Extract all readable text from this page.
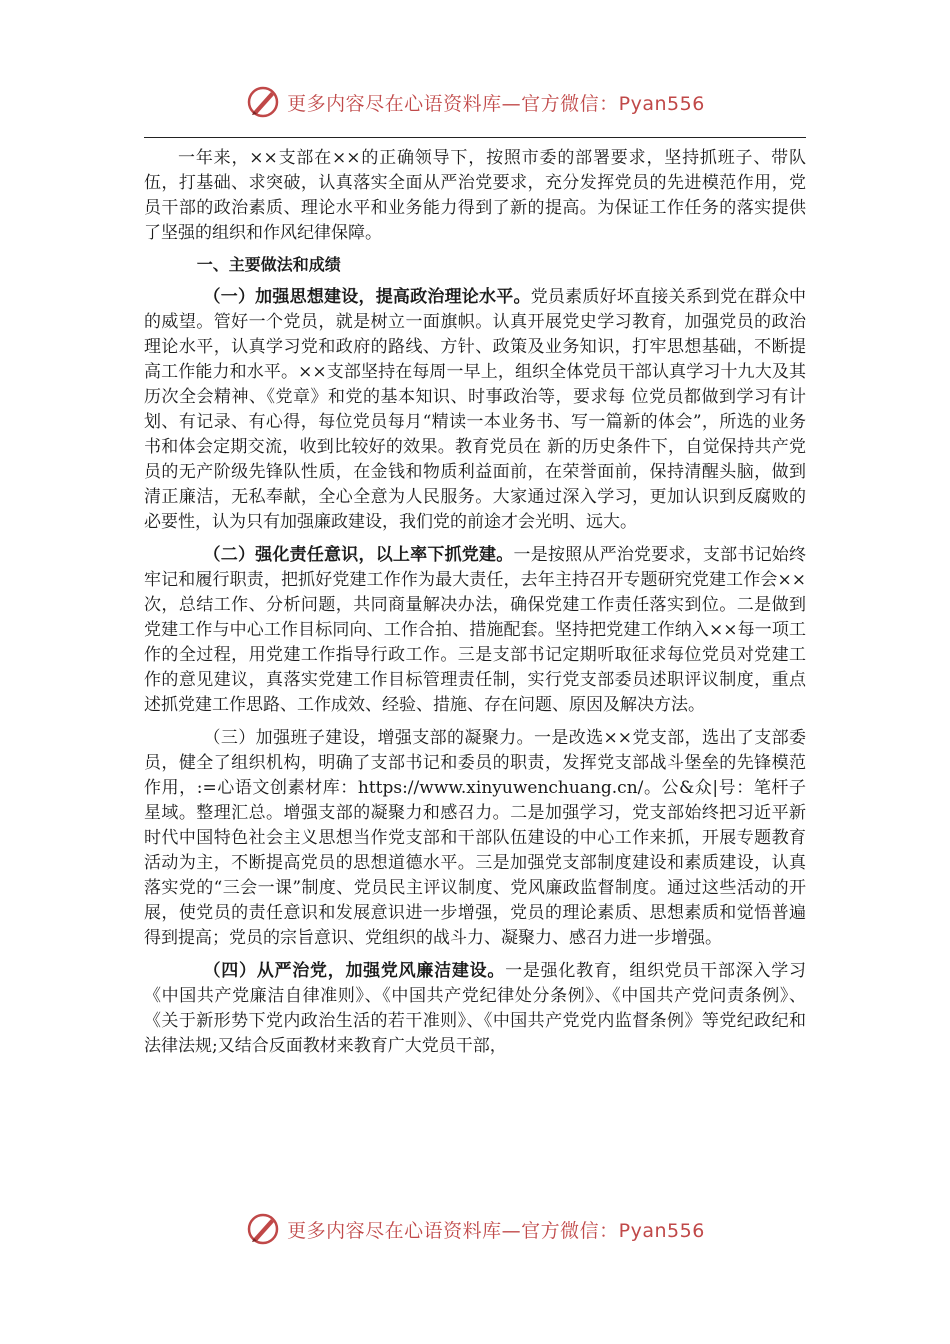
更多内容尽在心语资料库—官方微信：Pyan556

一年来，××支部在××的正确领导下，按照市委的部署要求，坚持抓班子、带队伍，打基础、求突破，认真落实全面从严治党要求，充分发挥党员的先进模范作用，党员干部的政治素质、理论水平和业务能力得到了新的提高。为保证工作任务的落实提供了坚强的组织和作风纪律保障。

一、主要做法和成绩

（一）加强思想建设，提高政治理论水平。党员素质好坏直接关系到党在群众中的威望。管好一个党员，就是树立一面旗帜。认真开展党史学习教育，加强党员的政治理论水平，认真学习党和政府的路线、方针、政策及业务知识，打牢思想基础，不断提高工作能力和水平。××支部坚持在每周一早上，组织全体党员干部认真学习十九大及其历次全会精神、《党章》和党的基本知识、时事政治等，要求每 位党员都做到学习有计划、有记录、有心得，每位党员每月“精读一本业务书、写一篇新的体会”，所选的业务书和体会定期交流，收到比较好的效果。教育党员在 新的历史条件下，自觉保持共产党员的无产阶级先锋队性质，在金钱和物质利益面前，在荣誉面前，保持清醒头脑，做到清正廉洁，无私奉献，全心全意为人民服务。大家通过深入学习，更加认识到反腐败的必要性，认为只有加强廉政建设，我们党的前途才会光明、远大。

（二）强化责任意识，以上率下抓党建。一是按照从严治党要求，支部书记始终牢记和履行职责，把抓好党建工作作为最大责任，去年主持召开专题研究党建工作会××次，总结工作、分析问题，共同商量解决办法，确保党建工作责任落实到位。二是做到党建工作与中心工作目标同向、工作合拍、措施配套。坚持把党建工作纳入××每一项工作的全过程，用党建工作指导行政工作。三是支部书记定期听取征求每位党员对党建工作的意见建议，真落实党建工作目标管理责任制，实行党支部委员述职评议制度，重点述抓党建工作思路、工作成效、经验、措施、存在问题、原因及解决方法。

（三）加强班子建设，增强支部的凝聚力。一是改选××党支部，选出了支部委员，健全了组织机构，明确了支部书记和委员的职责，发挥党支部战斗堡垒的先锋模范作用，:=心语文创素材库：https://www.xinyuwenchuang.cn/。公&众|号：笔杆子星域。整理汇总。增强支部的凝聚力和感召力。二是加强学习，党支部始终把习近平新时代中国特色社会主义思想当作党支部和干部队伍建设的中心工作来抓，开展专题教育活动为主，不断提高党员的思想道德水平。三是加强党支部制度建设和素质建设，认真落实党的“三会一课”制度、党员民主评议制度、党风廉政监督制度。通过这些活动的开展，使党员的责任意识和发展意识进一步增强，党员的理论素质、思想素质和觉悟普遍得到提高；党员的宗旨意识、党组织的战斗力、凝聚力、感召力进一步增强。

（四）从严治党，加强党风廉洁建设。一是强化教育，组织党员干部深入学习《中国共产党廉洁自律准则》、《中国共产党纪律处分条例》、《中国共产党问责条例》、《关于新形势下党内政治生活的若干准则》、《中国共产党党内监督条例》等党纪政纪和法律法规;又结合反面教材来教育广大党员干部，

更多内容尽在心语资料库—官方微信：Pyan556
